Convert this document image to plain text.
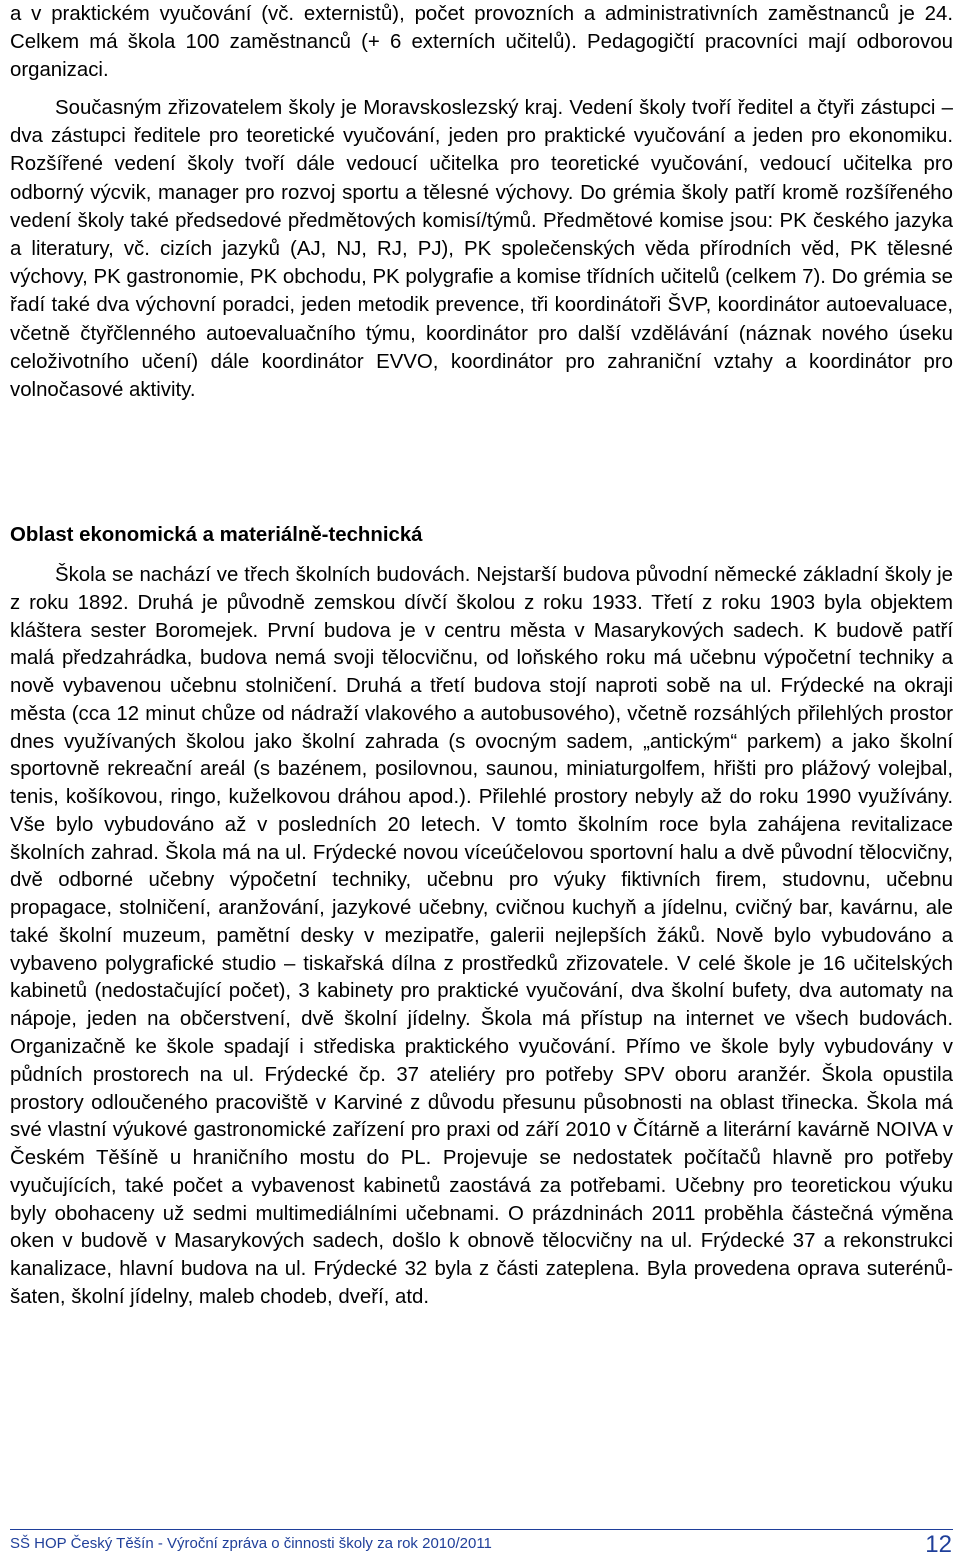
a v praktickém vyučování (vč. externistů), počet provozních a administrativních zaměstnanců je 24. Celkem má škola 100 zaměstnanců (+ 6 externích učitelů). Pedagogičtí pracovníci mají odborovou organizaci.

Současným zřizovatelem školy je Moravskoslezský kraj. Vedení školy tvoří ředitel a čtyři zástupci – dva zástupci ředitele pro teoretické vyučování, jeden pro praktické vyučování a jeden pro ekonomiku. Rozšířené vedení školy tvoří dále vedoucí učitelka pro teoretické vyučování, vedoucí učitelka pro odborný výcvik, manager pro rozvoj sportu a tělesné výchovy. Do grémia školy patří kromě rozšířeného vedení školy také předsedové předmětových komisí/týmů. Předmětové komise jsou: PK českého jazyka a literatury, vč. cizích jazyků (AJ, NJ, RJ, PJ), PK společenských věda přírodních věd, PK tělesné výchovy, PK gastronomie, PK obchodu, PK polygrafie a komise třídních učitelů (celkem 7). Do grémia se řadí také dva výchovní poradci, jeden metodik prevence, tři koordinátoři ŠVP, koordinátor autoevaluace, včetně čtyřčlenného autoevaluačního týmu, koordinátor pro další vzdělávání (náznak nového úseku celoživotního učení) dále koordinátor EVVO, koordinátor pro zahraniční vztahy a koordinátor pro volnočasové aktivity.

Oblast ekonomická a materiálně-technická

Škola se nachází ve třech školních budovách. Nejstarší budova původní německé základní školy je z roku 1892. Druhá je původně zemskou dívčí školou z roku 1933. Třetí z roku 1903 byla objektem kláštera sester Boromejek. První budova je v centru města v Masarykových sadech. K budově patří malá předzahrádka, budova nemá svoji tělocvičnu, od loňského roku má učebnu výpočetní techniky a nově vybavenou učebnu stolničení. Druhá a třetí budova stojí naproti sobě na ul. Frýdecké na okraji města (cca 12 minut chůze od nádraží vlakového a autobusového), včetně rozsáhlých přilehlých prostor dnes využívaných školou jako školní zahrada (s ovocným sadem, „antickým“ parkem) a jako školní sportovně rekreační areál (s bazénem, posilovnou, saunou, miniaturgolfem, hřišti pro plážový volejbal, tenis, košíkovou, ringo, kuželkovou dráhou apod.). Přilehlé prostory nebyly až do roku 1990 využívány. Vše bylo vybudováno až v posledních 20 letech. V tomto školním roce byla zahájena revitalizace školních zahrad. Škola má na ul. Frýdecké novou víceúčelovou sportovní halu a dvě původní tělocvičny, dvě odborné učebny výpočetní techniky, učebnu pro výuky fiktivních firem, studovnu, učebnu propagace, stolničení, aranžování, jazykové učebny, cvičnou kuchyň a jídelnu, cvičný bar, kavárnu, ale také školní muzeum, pamětní desky v mezipatře, galerii nejlepších žáků. Nově bylo vybudováno a vybaveno polygrafické studio – tiskařská dílna z prostředků zřizovatele. V celé škole je 16 učitelských kabinetů (nedostačující počet), 3 kabinety pro praktické vyučování, dva školní bufety, dva automaty na nápoje, jeden na občerstvení, dvě školní jídelny. Škola má přístup na internet ve všech budovách. Organizačně ke škole spadají i střediska praktického vyučování. Přímo ve škole byly vybudovány v půdních prostorech na ul. Frýdecké čp. 37 ateliéry pro potřeby SPV oboru aranžér. Škola opustila prostory odloučeného pracoviště v Karviné z důvodu přesunu působnosti na oblast třinecka. Škola má své vlastní výukové gastronomické zařízení pro praxi od září 2010 v Čítárně a literární kavárně NOIVA v Českém Těšíně u hraničního mostu do PL. Projevuje se nedostatek počítačů hlavně pro potřeby vyučujících, také počet a vybavenost kabinetů zaostává za potřebami. Učebny pro teoretickou výuku byly obohaceny už sedmi multimediálními učebnami. O prázdninách 2011 proběhla částečná výměna oken v budově v Masarykových sadech, došlo k obnově tělocvičny na ul. Frýdecké 37 a rekonstrukci kanalizace, hlavní budova na ul. Frýdecké 32 byla z části zateplena. Byla provedena oprava suterénů-šaten, školní jídelny, maleb chodeb, dveří, atd.

SŠ HOP Český Těšín - Výroční zpráva o činnosti školy za rok 2010/2011	12
